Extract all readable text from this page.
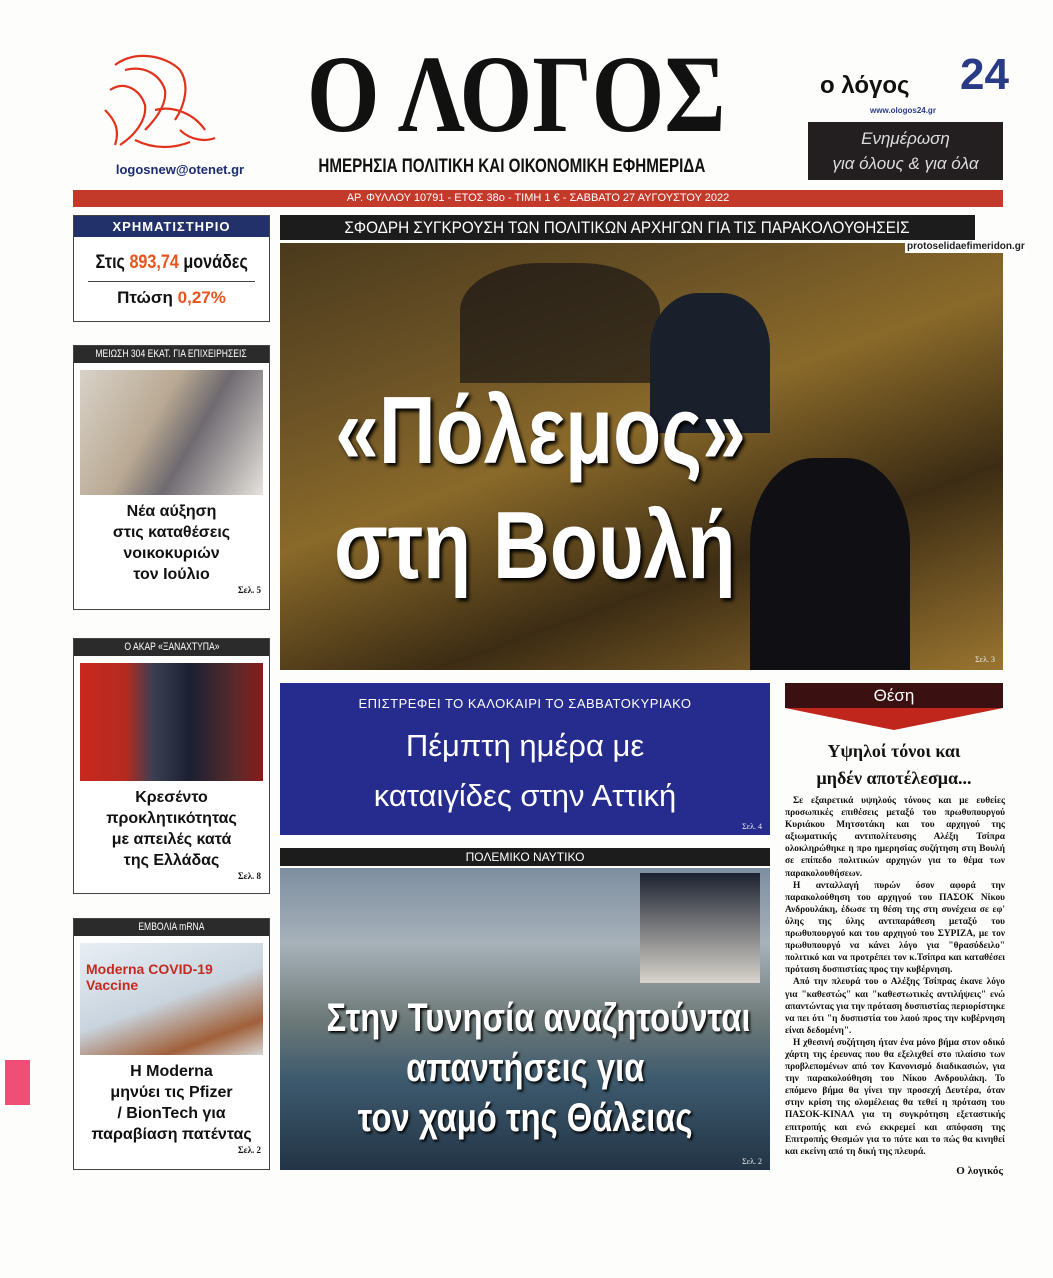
logosnew@otenet.gr
Ο ΛΟΓΟΣ
ΗΜΕΡΗΣΙΑ ΠΟΛΙΤΙΚΗ ΚΑΙ ΟΙΚΟΝΟΜΙΚΗ ΕΦΗΜΕΡΙΔΑ
ο λόγος 24
www.ologos24.gr
Ενημέρωση
για όλους & για όλα
ΑΡ. ΦΥΛΛΟΥ 10791 - ΕΤΟΣ 38ο - ΤΙΜΗ 1 € - ΣΑΒΒΑΤΟ 27 ΑΥΓΟΥΣΤΟΥ 2022
ΧΡΗΜΑΤΙΣΤΗΡΙΟ
Στις 893,74 μονάδες
Πτώση 0,27%
ΜΕΙΩΣΗ 304 ΕΚΑΤ. ΓΙΑ ΕΠΙΧΕΙΡΗΣΕΙΣ
Νέα αύξηση
στις καταθέσεις
νοικοκυριών
τον Ιούλιο
Σελ. 5
Ο ΑΚΑΡ «ΞΑΝΑΧΤΥΠΑ»
Κρεσέντο
προκλητικότητας
με απειλές κατά
της Ελλάδας
Σελ. 8
ΕΜΒΟΛΙΑ mRNA
Moderna COVID-19 Vaccine
Η Moderna
μηνύει τις Pfizer
/ BionTech για
παραβίαση πατέντας
Σελ. 2
ΣΦΟΔΡΗ ΣΥΓΚΡΟΥΣΗ ΤΩΝ ΠΟΛΙΤΙΚΩΝ ΑΡΧΗΓΩΝ ΓΙΑ ΤΙΣ ΠΑΡΑΚΟΛΟΥΘΗΣΕΙΣ
«Πόλεμος»
στη Βουλή
Σελ. 3
protoselidaefimeridon.gr
ΕΠΙΣΤΡΕΦΕΙ ΤΟ ΚΑΛΟΚΑΙΡΙ ΤΟ ΣΑΒΒΑΤΟΚΥΡΙΑΚΟ
Πέμπτη ημέρα με
καταιγίδες στην Αττική
Σελ. 4
ΠΟΛΕΜΙΚΟ ΝΑΥΤΙΚΟ
Στην Τυνησία αναζητούνται
απαντήσεις για
τον χαμό της Θάλειας
Σελ. 2
Θέση
Υψηλοί τόνοι και
μηδέν αποτέλεσμα...

Σε εξαιρετικά υψηλούς τόνους και με ευθείες προσωπικές επιθέσεις μεταξύ του πρωθυπουργού Κυριάκου Μητσοτάκη και του αρχηγού της αξιωματικής αντιπολίτευσης Αλέξη Τσίπρα ολοκληρώθηκε η προ ημερησίας συζήτηση στη Βουλή σε επίπεδο πολιτικών αρχηγών για το θέμα των παρακολουθήσεων.

Η ανταλλαγή πυρών όσον αφορά την παρακολούθηση του αρχηγού του ΠΑΣΟΚ Νίκου Ανδρουλάκη, έδωσε τη θέση της στη συνέχεια σε εφ' όλης της ύλης αντιπαράθεση μεταξύ του πρωθυπουργού και του αρχηγού του ΣΥΡΙΖΑ, με τον πρωθυπουργό να κάνει λόγο για "θρασύδειλο" πολιτικό και να προτρέπει τον κ.Τσίπρα και καταθέσει πρόταση δυσπιστίας προς την κυβέρνηση.

Από την πλευρά του ο Αλέξης Τσίπρας έκανε λόγο για "καθεστώς" και "καθεστωτικές αντιλήψεις" ενώ απαντώντας για την πρόταση δυσπιστίας περιορίστηκε να πει ότι "η δυσπιστία του λαού προς την κυβέρνηση είναι δεδομένη".

Η χθεσινή συζήτηση ήταν ένα μόνο βήμα στον οδικό χάρτη της έρευνας που θα εξελιχθεί στο πλαίσιο των προβλεπομένων από τον Κανονισμό διαδικασιών, για την παρακολούθηση του Νίκου Ανδρουλάκη. Το επόμενο βήμα θα γίνει την προσεχή Δευτέρα, όταν στην κρίση της ολομέλειας θα τεθεί η πρόταση του ΠΑΣΟΚ-ΚΙΝΑΛ για τη συγκρότηση εξεταστικής επιτροπής και ενώ εκκρεμεί και απόφαση της Επιτροπής Θεσμών για το πότε και το πώς θα κινηθεί και εκείνη από τη δική της πλευρά.

Ο λογικός
